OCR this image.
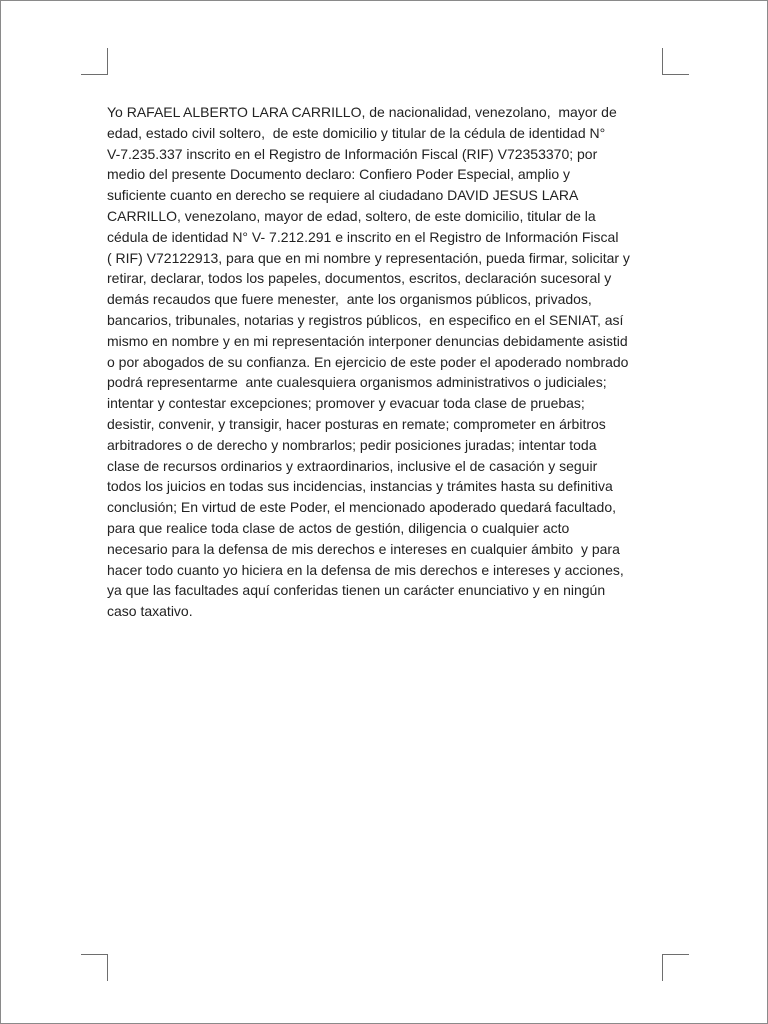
Yo RAFAEL ALBERTO LARA CARRILLO, de nacionalidad, venezolano,  mayor de
edad, estado civil soltero,  de este domicilio y titular de la cédula de identidad N°
V-7.235.337 inscrito en el Registro de Información Fiscal (RIF) V72353370; por
medio del presente Documento declaro: Confiero Poder Especial, amplio y
suficiente cuanto en derecho se requiere al ciudadano DAVID JESUS LARA
CARRILLO, venezolano, mayor de edad, soltero, de este domicilio, titular de la
cédula de identidad N° V- 7.212.291 e inscrito en el Registro de Información Fiscal
( RIF) V72122913, para que en mi nombre y representación, pueda firmar, solicitar y
retirar, declarar, todos los papeles, documentos, escritos, declaración sucesoral y
demás recaudos que fuere menester,  ante los organismos públicos, privados,
bancarios, tribunales, notarias y registros públicos,  en especifico en el SENIAT, así
mismo en nombre y en mi representación interponer denuncias debidamente asistid
o por abogados de su confianza. En ejercicio de este poder el apoderado nombrado
podrá representarme  ante cualesquiera organismos administrativos o judiciales;
intentar y contestar excepciones; promover y evacuar toda clase de pruebas;
desistir, convenir, y transigir, hacer posturas en remate; comprometer en árbitros
arbitradores o de derecho y nombrarlos; pedir posiciones juradas; intentar toda
clase de recursos ordinarios y extraordinarios, inclusive el de casación y seguir
todos los juicios en todas sus incidencias, instancias y trámites hasta su definitiva
conclusión; En virtud de este Poder, el mencionado apoderado quedará facultado,
para que realice toda clase de actos de gestión, diligencia o cualquier acto
necesario para la defensa de mis derechos e intereses en cualquier ámbito  y para
hacer todo cuanto yo hiciera en la defensa de mis derechos e intereses y acciones,
ya que las facultades aquí conferidas tienen un carácter enunciativo y en ningún
caso taxativo.
